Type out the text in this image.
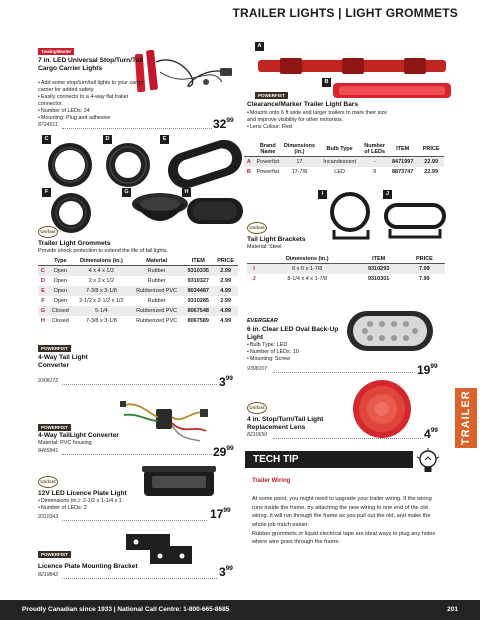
TRAILER LIGHTS | LIGHT GROMMETS
TowingMaster
7 in. LED Universal Stop/Turn/Tail Cargo Carrier Lights
• Add some stop/turn/tail lights to your cargo carrier for added safety.
• Easily connects to a 4-way flat trailer connector.
• Number of LEDs: 24
• Mounting: Plug and adhesive
8724911	$32^{99}$
A
B
POWERFIST
Clearance/Marker Trailer Light Bars
• Mounts onto 6 ft wide and larger trailers to mark their size and improve visibility for other motorists.
• Lens Colour: Red
	Brand Name	Dimensions (in.)	Bulb Type	Number of LEDs	ITEM	PRICE
A	Powerfist	17	Incandescent	-	8471997	22.99
B	Powerfist	17-7/8	LED	9	8873747	22.99
C	D	E
F	G	H
Unifast
Trailer Light Grommets
Provide shock protection to extend the life of tail lights.
	Type	Dimensions (in.)	Material	ITEM	PRICE
C	Open	4 x 4 x 1/2	Rubber	9310335	2.99
D	Open	2 x 2 x 1/2	Rubber	9310327	2.99
E	Open	7-3/8 x 3-1/8	Rubberized PVC	8034487	4.99
F	Open	2-1/2 x 2-1/2 x 1/2	Rubber	9310285	2.99
G	Closed	5-1/4	Rubberized PVC	8067548	4.99
H	Closed	7-3/8 x 3-1/8	Rubberized PVC	8067589	4.99
I	J
Unifast
Tail Light Brackets
Material: Steel
	Dimensions (in.)	ITEM	PRICE
I	6 x 6 x 1-7/8	9310293	7.99
J	8-1/4 x 4 x 1-7/8	9310301	7.99
POWERFIST
4-Way Tail Light Converter
9308172	$3^{99}$
EVERGEAR
6 in. Clear LED Oval Back-Up Light
• Bulb Type: LED
• Number of LEDs: 10
• Mounting: Screw
9308107	$19^{99}$
Unifast
4 in. Stop/Turn/Tail Light Replacement Lens
8210650	$4^{99}$	TRAILER
POWERFIST
4-Way TailLight Converter
Material: PVC housing
8465841	$29^{99}$
Unifast
12V LED Licence Plate Light
• Dimensions (in.): 2-1/2 x 1-1/4 x 1
• Number of LEDs: 2
9310343	$17^{99}$
POWERFIST
Licence Plate Mounting Bracket
8219842	$3^{99}$
TECH TIP
Trailer Wiring
At some point, you might need to upgrade your trailer wiring. If the wiring runs inside the frame, try attaching the new wiring to one end of the old wiring. It will run through the frame as you pull out the old, and make the whole job much easier.
Rubber grommets or liquid electrical tape are ideal ways to plug any holes where wire goes through the frame.
Proudly Canadian since 1933 | National Call Centre: 1-800-665-8685	201
